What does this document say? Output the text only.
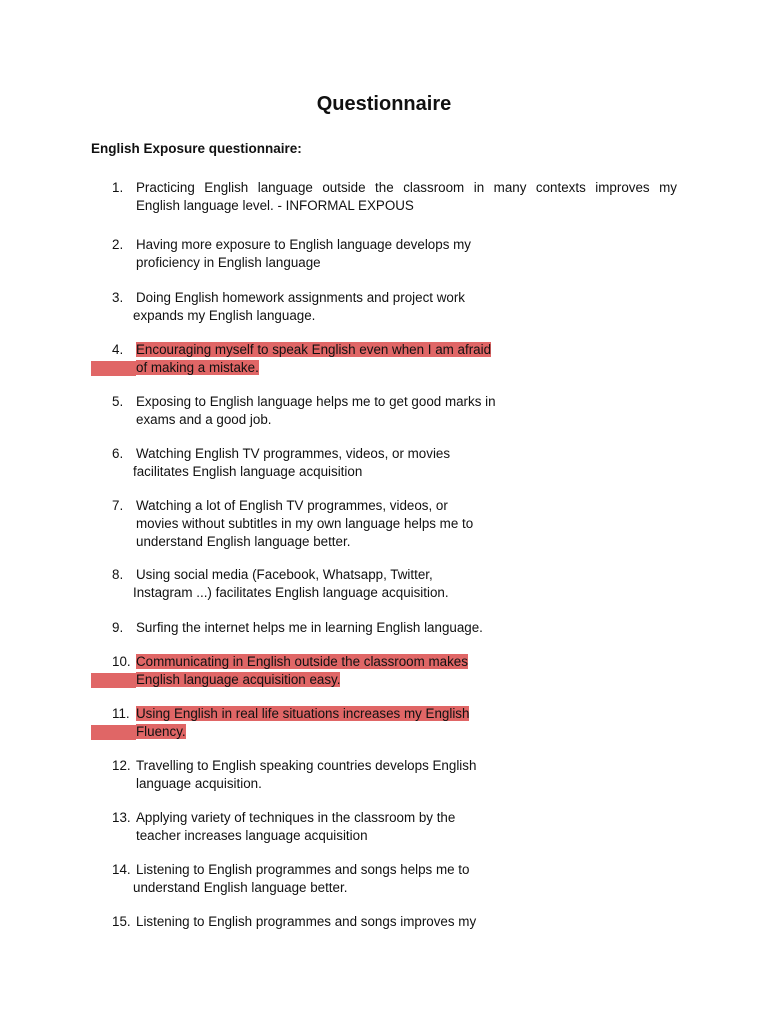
Questionnaire
English Exposure questionnaire:
1. Practicing English language outside the classroom in many contexts improves my
English language level. - INFORMAL EXPOUS
2. Having more exposure to English language develops my
proficiency in English language
3. Doing English homework assignments and project work
expands my English language.
4. Encouraging myself to speak English even when I am afraid
of making a mistake.
5. Exposing to English language helps me to get good marks in
exams and a good job.
6. Watching English TV programmes, videos, or movies
facilitates English language acquisition
7. Watching a lot of English TV programmes, videos, or
movies without subtitles in my own language helps me to
understand English language better.
8. Using social media (Facebook, Whatsapp, Twitter,
Instagram ...) facilitates English language acquisition.
9. Surfing the internet helps me in learning English language.
10. Communicating in English outside the classroom makes
English language acquisition easy.
11. Using English in real life situations increases my English
Fluency.
12. Travelling to English speaking countries develops English
language acquisition.
13. Applying variety of techniques in the classroom by the
teacher increases language acquisition
14. Listening to English programmes and songs helps me to
understand English language better.
15. Listening to English programmes and songs improves my
